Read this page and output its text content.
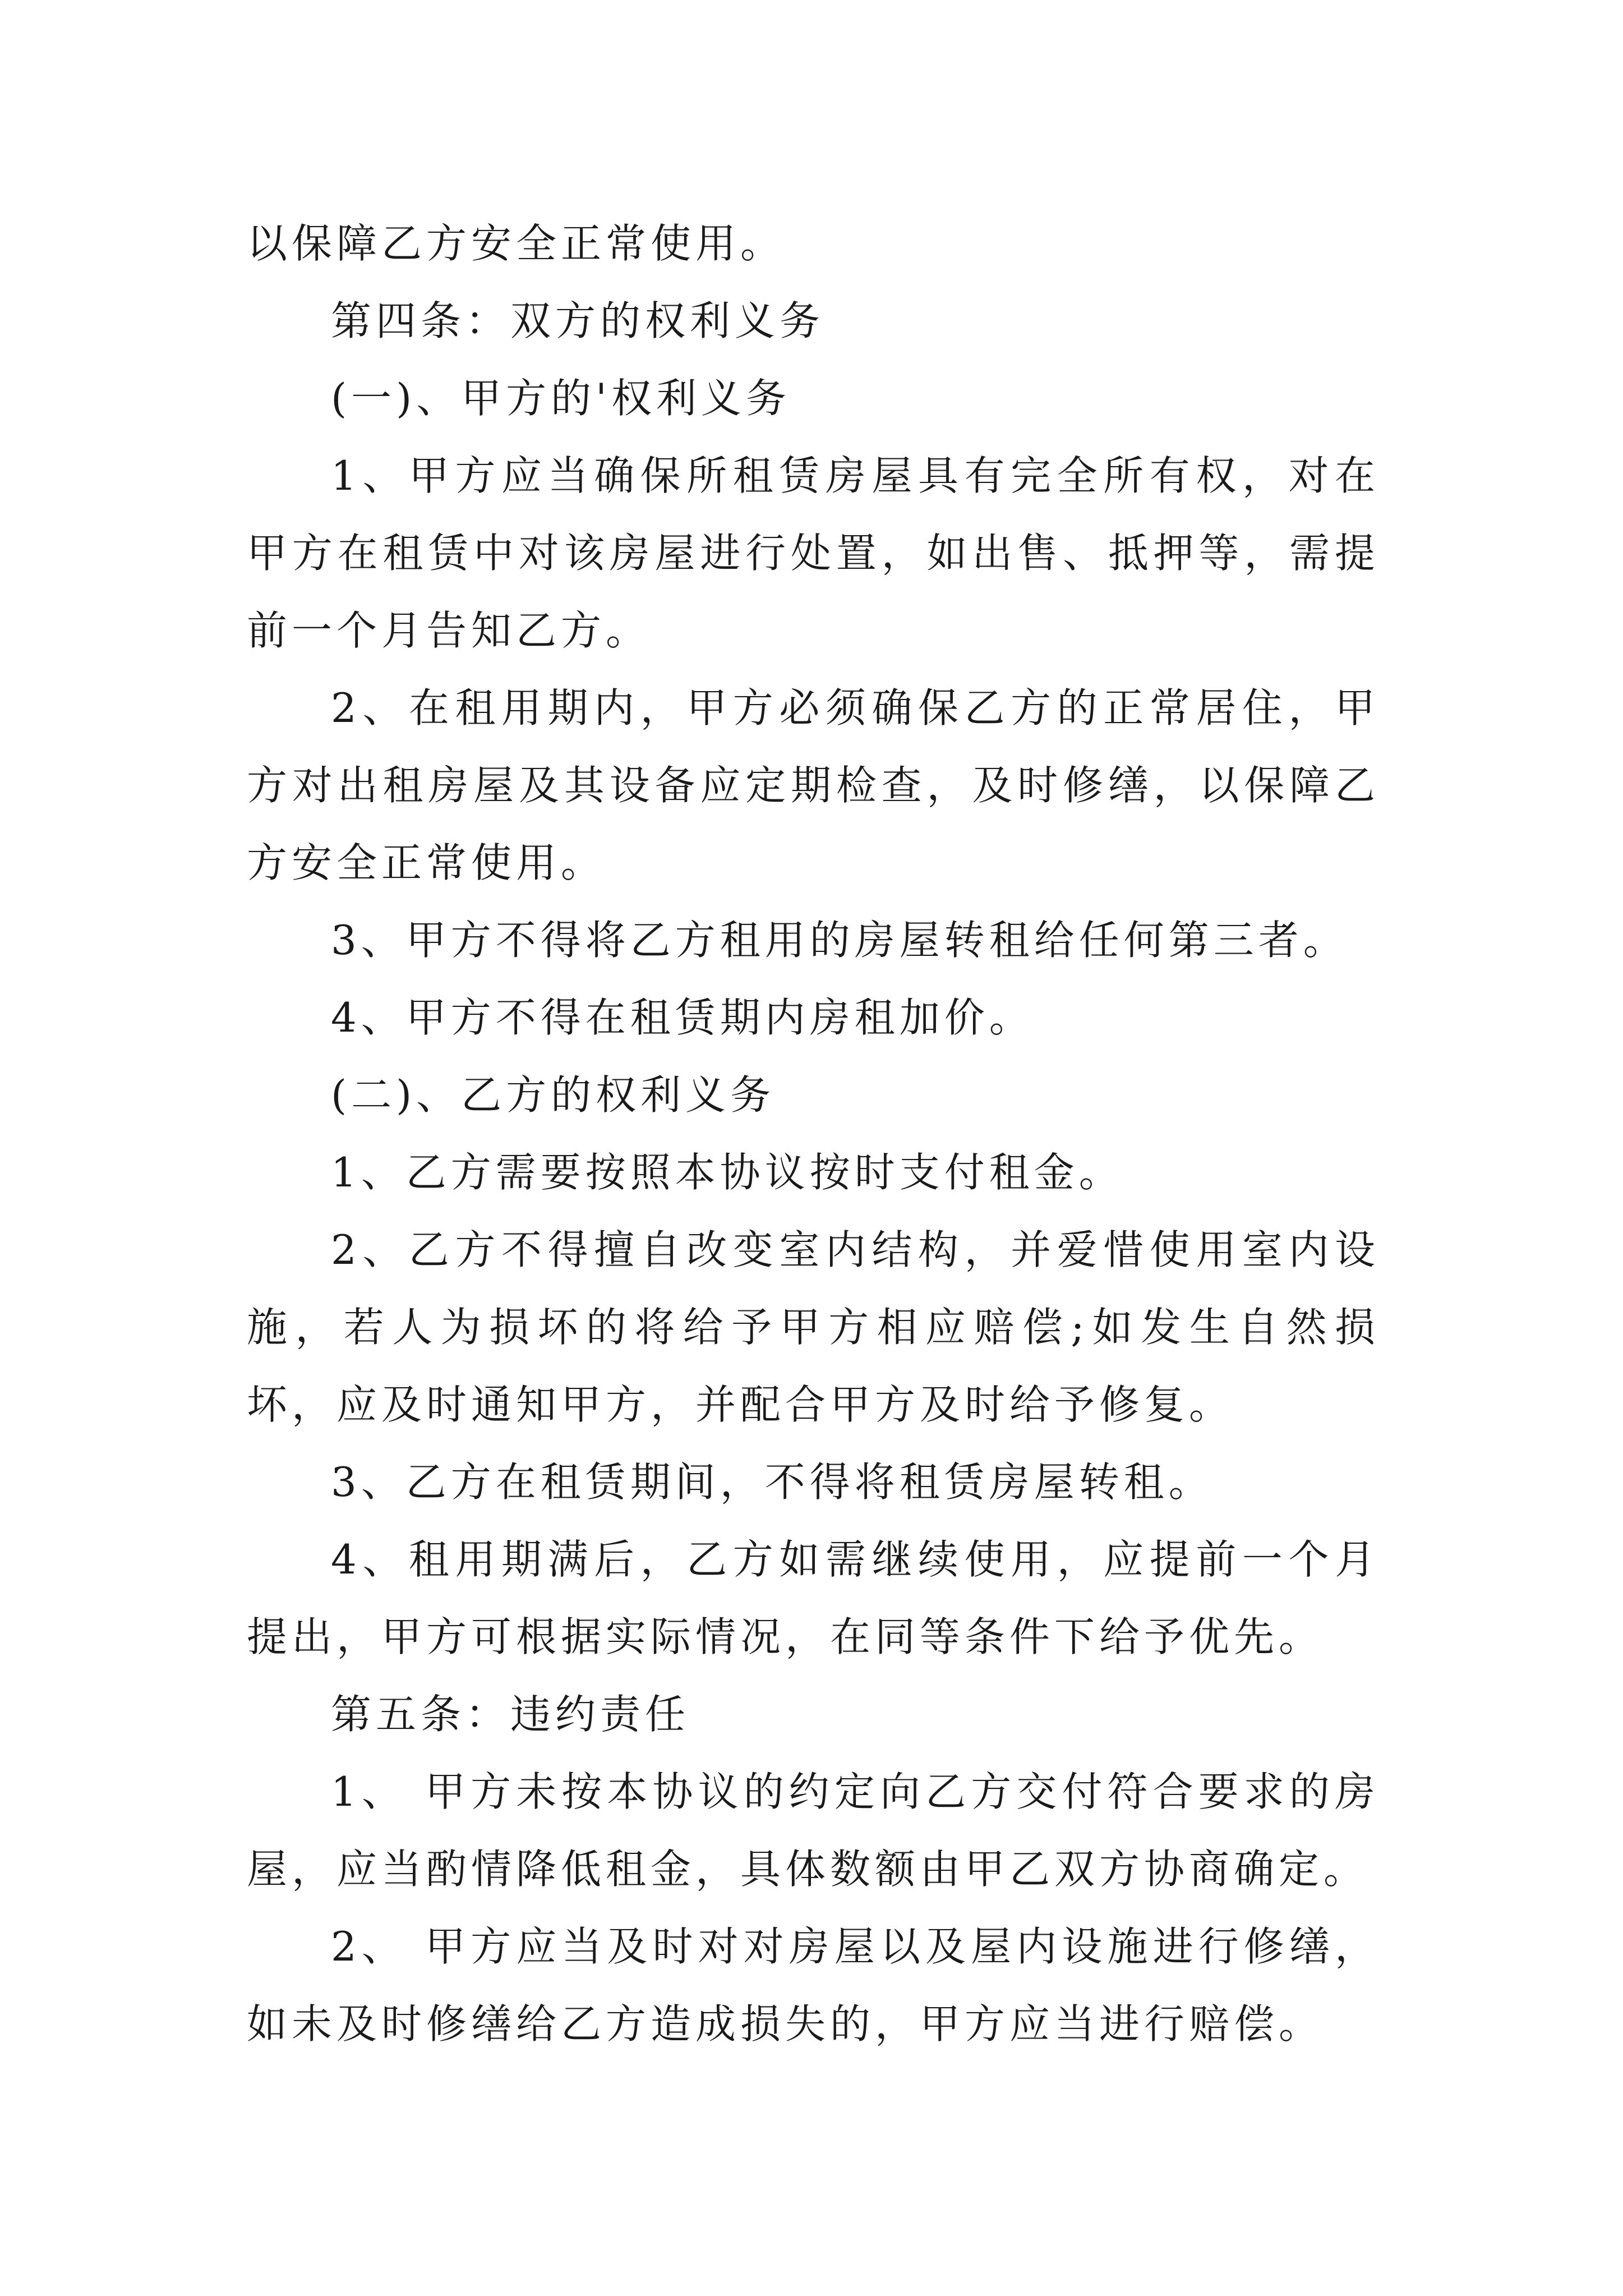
以保障乙方安全正常使用。

第四条：双方的权利义务

(一)、甲方的'权利义务

1、甲方应当确保所租赁房屋具有完全所有权，对在甲方在租赁中对该房屋进行处置，如出售、抵押等，需提前一个月告知乙方。

2、在租用期内，甲方必须确保乙方的正常居住，甲方对出租房屋及其设备应定期检查，及时修缮，以保障乙方安全正常使用。

3、甲方不得将乙方租用的房屋转租给任何第三者。

4、甲方不得在租赁期内房租加价。

(二)、乙方的权利义务

1、乙方需要按照本协议按时支付租金。

2、乙方不得擅自改变室内结构，并爱惜使用室内设施，若人为损坏的将给予甲方相应赔偿;如发生自然损坏，应及时通知甲方，并配合甲方及时给予修复。

3、乙方在租赁期间，不得将租赁房屋转租。

4、租用期满后，乙方如需继续使用，应提前一个月提出，甲方可根据实际情况，在同等条件下给予优先。

第五条：违约责任

1、 甲方未按本协议的约定向乙方交付符合要求的房屋，应当酌情降低租金，具体数额由甲乙双方协商确定。

2、 甲方应当及时对对房屋以及屋内设施进行修缮，如未及时修缮给乙方造成损失的，甲方应当进行赔偿。
